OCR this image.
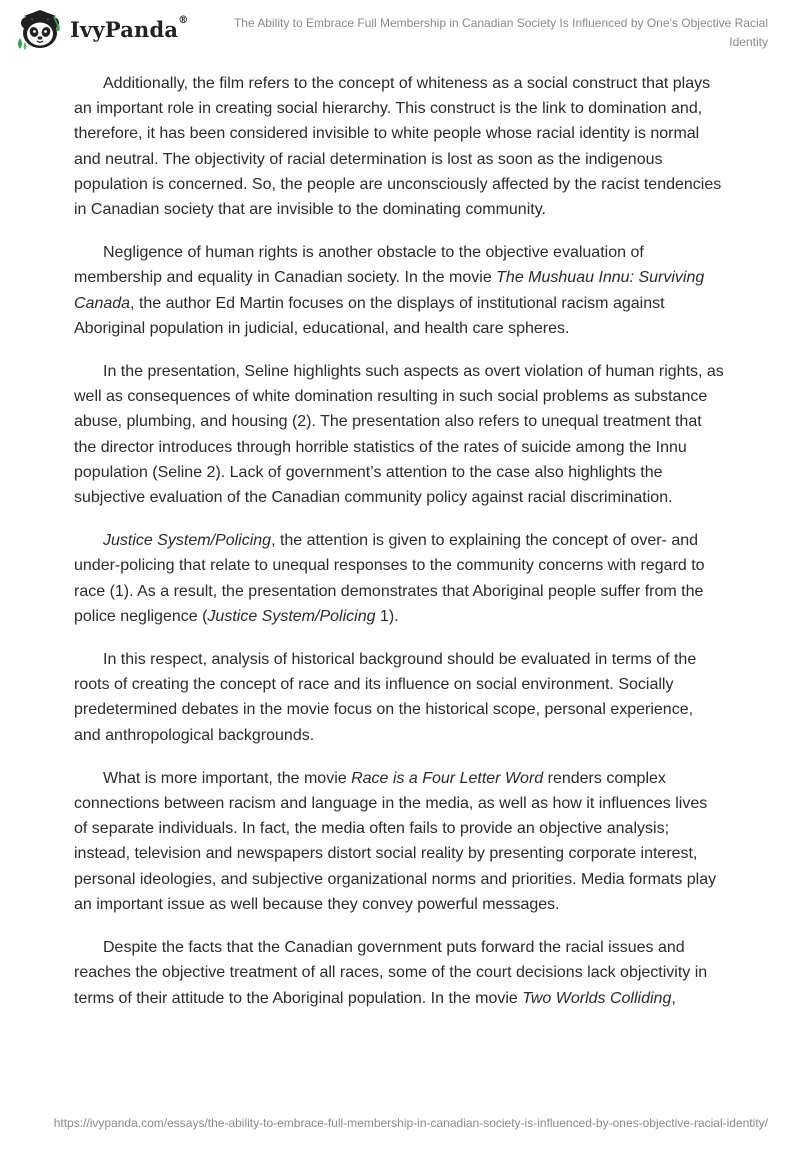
IvyPanda®	The Ability to Embrace Full Membership in Canadian Society Is Influenced by One’s Objective Racial Identity

Additionally, the film refers to the concept of whiteness as a social construct that plays an important role in creating social hierarchy. This construct is the link to domination and, therefore, it has been considered invisible to white people whose racial identity is normal and neutral. The objectivity of racial determination is lost as soon as the indigenous population is concerned. So, the people are unconsciously affected by the racist tendencies in Canadian society that are invisible to the dominating community.

Negligence of human rights is another obstacle to the objective evaluation of membership and equality in Canadian society. In the movie The Mushuau Innu: Surviving Canada, the author Ed Martin focuses on the displays of institutional racism against Aboriginal population in judicial, educational, and health care spheres.

In the presentation, Seline highlights such aspects as overt violation of human rights, as well as consequences of white domination resulting in such social problems as substance abuse, plumbing, and housing (2). The presentation also refers to unequal treatment that the director introduces through horrible statistics of the rates of suicide among the Innu population (Seline 2). Lack of government’s attention to the case also highlights the subjective evaluation of the Canadian community policy against racial discrimination.

Justice System/Policing, the attention is given to explaining the concept of over- and under-policing that relate to unequal responses to the community concerns with regard to race (1). As a result, the presentation demonstrates that Aboriginal people suffer from the police negligence (Justice System/Policing 1).

In this respect, analysis of historical background should be evaluated in terms of the roots of creating the concept of race and its influence on social environment. Socially predetermined debates in the movie focus on the historical scope, personal experience, and anthropological backgrounds.

What is more important, the movie Race is a Four Letter Word renders complex connections between racism and language in the media, as well as how it influences lives of separate individuals. In fact, the media often fails to provide an objective analysis; instead, television and newspapers distort social reality by presenting corporate interest, personal ideologies, and subjective organizational norms and priorities. Media formats play an important issue as well because they convey powerful messages.

Despite the facts that the Canadian government puts forward the racial issues and reaches the objective treatment of all races, some of the court decisions lack objectivity in terms of their attitude to the Aboriginal population. In the movie Two Worlds Colliding,

https://ivypanda.com/essays/the-ability-to-embrace-full-membership-in-canadian-society-is-influenced-by-ones-objective-racial-identity/
